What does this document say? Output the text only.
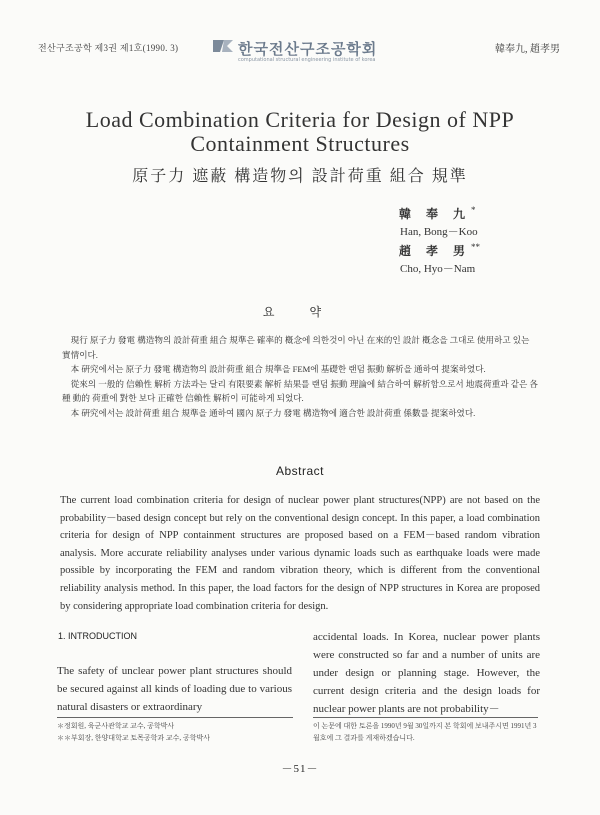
전산구조공학 제3권 제1호(1990. 3)	한국전산구조공학회
computational structural engineering institute of korea
韓奉九, 趙孝男
Load Combination Criteria for Design of NPP
Containment Structures
原子力 遮蔽 構造物의 設計荷重 組合 規準
韓 奉 九*
Han, Bong－Koo
趙 孝 男**
Cho, Hyo－Nam
요 약

　現行 原子力 發電 構造物의 設計荷重 組合 規準은 確率的 槪念에 의한것이 아닌 在來的인 設計 槪念을 그대로 使用하고 있는 實情이다.

　本 硏究에서는 原子力 發電 構造物의 設計荷重 組合 規準을 FEM에 基礎한 랜덤 振動 解析을 通하여 提案하였다.

　從來의 一般的 信賴性 解析 方法과는 달리 有限要素 解析 結果를 랜덤 振動 理論에 結合하여 解析함으로서 地震荷重과 같은 各種 動的 荷重에 對한 보다 正確한 信賴性 解析이 可能하게 되었다.

　本 硏究에서는 設計荷重 組合 規準을 通하여 國內 原子力 發電 構造物에 適合한 設計荷重 係數를 提案하였다.

Abstract
The current load combination criteria for design of nuclear power plant structures(NPP) are not based on the probability－based design concept but rely on the conventional design concept. In this paper, a load combination criteria for design of NPP containment structures are proposed based on a FEM－based random vibration analysis. More accurate reliability analyses under various dynamic loads such as earthquake loads were made possible by incorporating the FEM and random vibration theory, which is different from the conventional reliability analysis method. In this paper, the load factors for the design of NPP structures in Korea are proposed by considering appropriate load combination criteria for design.
1. INTRODUCTION
The safety of unclear power plant structures should be secured against all kinds of loading due to various natural disasters or extraordinary
accidental loads. In Korea, nuclear power plants were constructed so far and a number of units are under design or planning stage. However, the current design criteria and the design loads for nuclear power plants are not probability－
＊정회원, 육군사관학교 교수, 공학박사
＊＊부회장, 한양대학교 토목공학과 교수, 공학박사
이 논문에 대한 토론을 1990년 9월 30일까지 본 학회에 보내주시면 1991년 3월호에 그 결과를 게재하겠습니다.
－51－
